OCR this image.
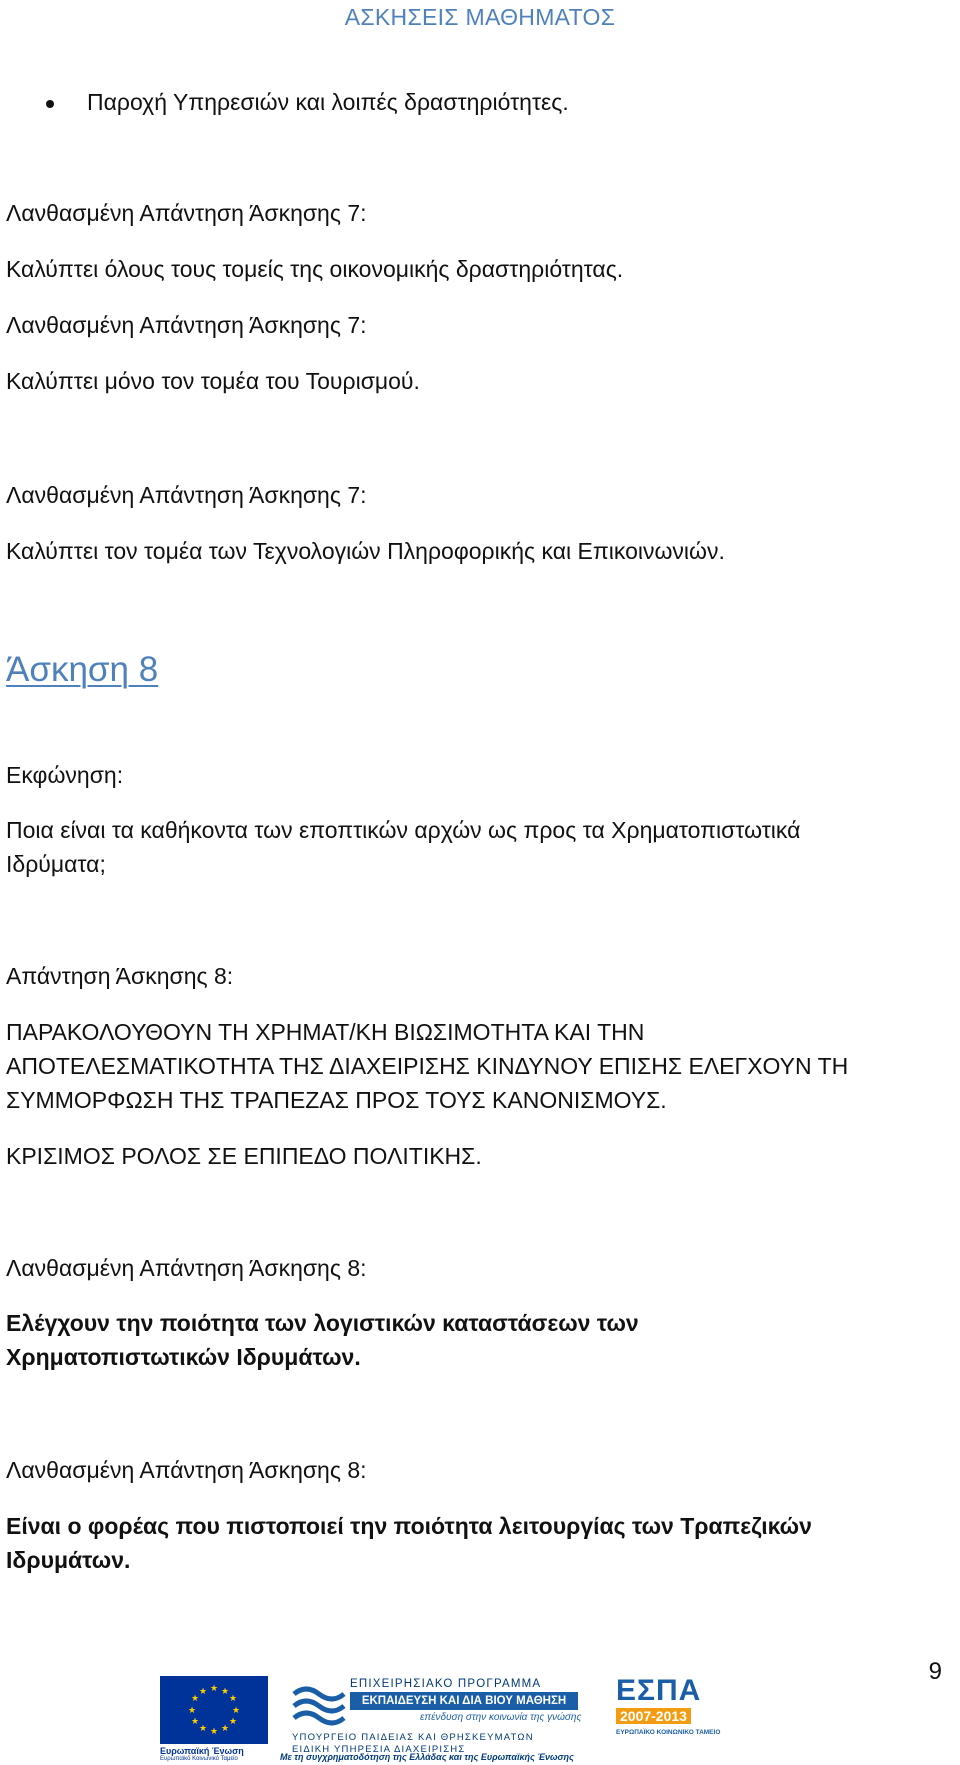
ΑΣΚΗΣΕΙΣ ΜΑΘΗΜΑΤΟΣ
Παροχή Υπηρεσιών και λοιπές δραστηριότητες.
Λανθασμένη Απάντηση Άσκησης 7:
Καλύπτει όλους τους τομείς της οικονομικής δραστηριότητας.
Λανθασμένη Απάντηση Άσκησης 7:
Καλύπτει μόνο τον τομέα του Τουρισμού.
Λανθασμένη Απάντηση Άσκησης 7:
Καλύπτει τον τομέα των Τεχνολογιών Πληροφορικής και Επικοινωνιών.
Άσκηση 8
Εκφώνηση:
Ποια είναι τα καθήκοντα των εποπτικών αρχών ως προς τα Χρηματοπιστωτικά
Ιδρύματα;
Απάντηση Άσκησης 8:
ΠΑΡΑΚΟΛΟΥΘΟΥΝ ΤΗ ΧΡΗΜΑΤ/ΚΗ ΒΙΩΣΙΜΟΤΗΤΑ ΚΑΙ ΤΗΝ
ΑΠΟΤΕΛΕΣΜΑΤΙΚΟΤΗΤΑ ΤΗΣ ΔΙΑΧΕΙΡΙΣΗΣ ΚΙΝΔΥΝΟΥ ΕΠΙΣΗΣ ΕΛΕΓΧΟΥΝ ΤΗ
ΣΥΜΜΟΡΦΩΣΗ ΤΗΣ ΤΡΑΠΕΖΑΣ ΠΡΟΣ ΤΟΥΣ ΚΑΝΟΝΙΣΜΟΥΣ.
ΚΡΙΣΙΜΟΣ ΡΟΛΟΣ ΣΕ ΕΠΙΠΕΔΟ ΠΟΛΙΤΙΚΗΣ.
Λανθασμένη Απάντηση Άσκησης 8:
Ελέγχουν την ποιότητα των λογιστικών καταστάσεων των
Χρηματοπιστωτικών Ιδρυμάτων.
Λανθασμένη Απάντηση Άσκησης 8:
Είναι ο φορέας που πιστοποιεί την ποιότητα λειτουργίας των Τραπεζικών
Ιδρυμάτων.
9
★ ★
★
★
★
★
★
★
★
★
★
★
Ευρωπαϊκή Ένωση
Ευρωπαϊκό Κοινωνικό Ταμείο
ΕΠΙΧΕΙΡΗΣΙΑΚΟ ΠΡΟΓΡΑΜΜΑ
ΕΚΠΑΙΔΕΥΣΗ ΚΑΙ ΔΙΑ ΒΙΟΥ ΜΑΘΗΣΗ
επένδυση στην κοινωνία της γνώσης
ΥΠΟΥΡΓΕΙΟ ΠΑΙΔΕΙΑΣ ΚΑΙ ΘΡΗΣΚΕΥΜΑΤΩΝ
ΕΙΔΙΚΗ ΥΠΗΡΕΣΙΑ ΔΙΑΧΕΙΡΙΣΗΣ
Με τη συγχρηματοδότηση της Ελλάδας και της Ευρωπαϊκής Ένωσης
ΕΣΠΑ
2007-2013
ΕΥΡΩΠΑΪΚΟ ΚΟΙΝΩΝΙΚΟ ΤΑΜΕΙΟ
